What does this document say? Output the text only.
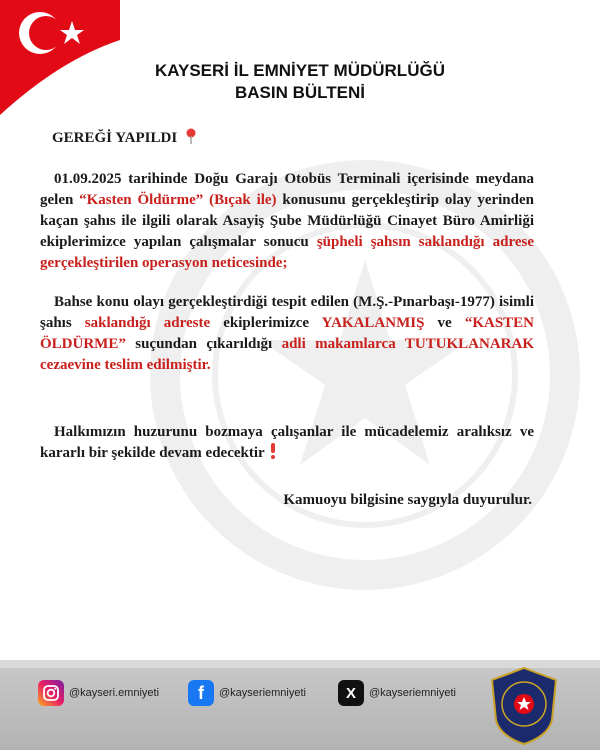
KAYSERİ İL EMNİYET MÜDÜRLÜĞÜ
BASIN BÜLTENİ
GEREĞİ YAPILDI

01.09.2025 tarihinde Doğu Garajı Otobüs Terminali içerisinde meydana gelen “Kasten Öldürme” (Bıçak ile) konusunu gerçekleştirip olay yerinden kaçan şahıs ile ilgili olarak Asayiş Şube Müdürlüğü Cinayet Büro Amirliği ekiplerimizce yapılan çalışmalar sonucu şüpheli şahsın saklandığı adrese gerçekleştirilen operasyon neticesinde;

Bahse konu olayı gerçekleştirdiği tespit edilen (M.Ş.-Pınarbaşı-1977) isimli şahıs saklandığı adreste ekiplerimizce YAKALANMIŞ ve “KASTEN ÖLDÜRME” suçundan çıkarıldığı adli makamlarca TUTUKLANARAK cezaevine teslim edilmiştir.

Halkımızın huzurunu bozmaya çalışanlar ile mücadelemiz aralıksız ve kararlı bir şekilde devam edecektir

Kamuoyu bilgisine saygıyla duyurulur.
@kayseri.emniyeti f @kayseriemniyeti	X @kayseriemniyeti
